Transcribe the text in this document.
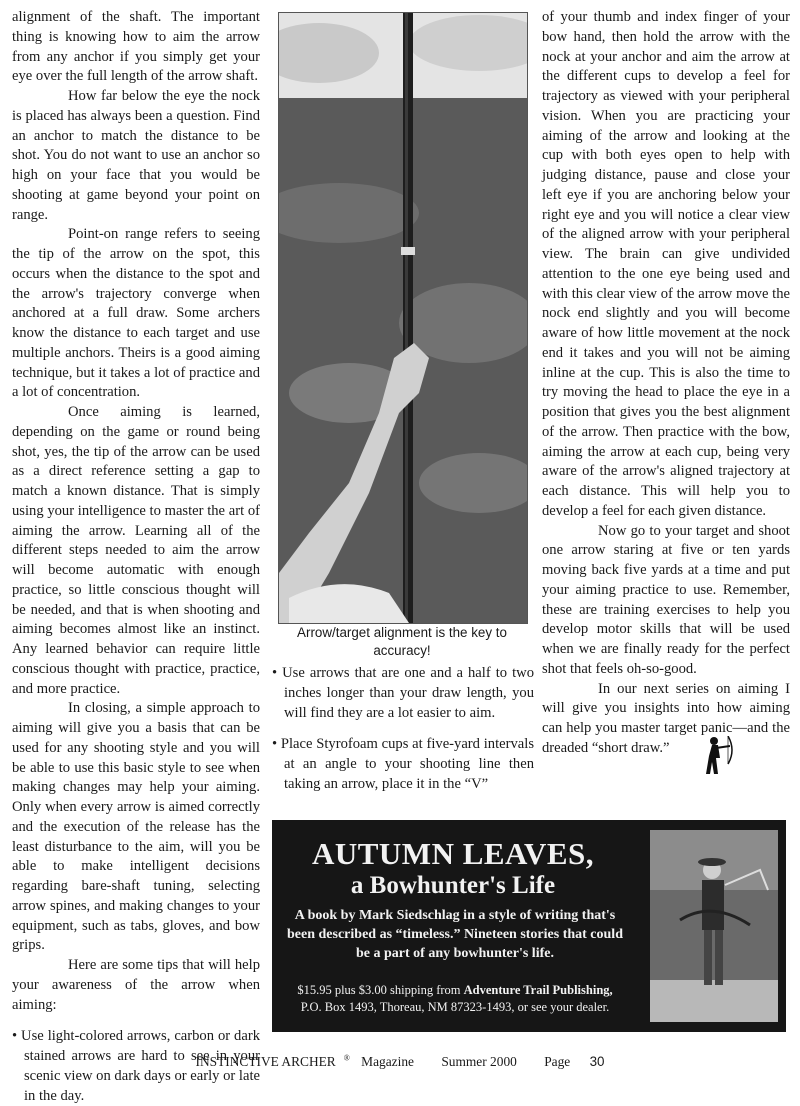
alignment of the shaft. The important thing is knowing how to aim the arrow from any anchor if you simply get your eye over the full length of the arrow shaft.

How far below the eye the nock is placed has always been a question. Find an anchor to match the distance to be shot. You do not want to use an anchor so high on your face that you would be shooting at game beyond your point on range.

Point-on range refers to seeing the tip of the arrow on the spot, this occurs when the distance to the spot and the arrow's trajectory converge when anchored at a full draw. Some archers know the distance to each target and use multiple anchors. Theirs is a good aiming technique, but it takes a lot of practice and a lot of concentration.

Once aiming is learned, depending on the game or round being shot, yes, the tip of the arrow can be used as a direct reference setting a gap to match a known distance. That is simply using your intelligence to master the art of aiming the arrow. Learning all of the different steps needed to aim the arrow will become automatic with enough practice, so little conscious thought will be needed, and that is when shooting and aiming becomes almost like an instinct. Any learned behavior can require little conscious thought with practice, practice, and more practice.

In closing, a simple approach to aiming will give you a basis that can be used for any shooting style and you will be able to use this basic style to see when making changes may help your aiming. Only when every arrow is aimed correctly and the execution of the release has the least disturbance to the aim, will you be able to make intelligent decisions regarding bare-shaft tuning, selecting arrow spines, and making changes to your equipment, such as tabs, gloves, and bow grips.

Here are some tips that will help your awareness of the arrow when aiming:

• Use light-colored arrows, carbon or dark stained arrows are hard to see in your scenic view on dark days or early or late in the day.

Arrow/target alignment is the key to accuracy!

• Use arrows that are one and a half to two inches longer than your draw length, you will find they are a lot easier to aim.

• Place Styrofoam cups at five-yard intervals at an angle to your shooting line then taking an arrow, place it in the “V”

of your thumb and index finger of your bow hand, then hold the arrow with the nock at your anchor and aim the arrow at the different cups to develop a feel for trajectory as viewed with your peripheral vision. When you are practicing your aiming of the arrow and looking at the cup with both eyes open to help with judging distance, pause and close your left eye if you are anchoring below your right eye and you will notice a clear view of the aligned arrow with your peripheral view. The brain can give undivided attention to the one eye being used and with this clear view of the arrow move the nock end slightly and you will become aware of how little movement at the nock end it takes and you will not be aiming inline at the cup. This is also the time to try moving the head to place the eye in a position that gives you the best alignment of the arrow. Then practice with the bow, aiming the arrow at each cup, being very aware of the arrow's aligned trajectory at each distance. This will help you to develop a feel for each given distance.

Now go to your target and shoot one arrow staring at five or ten yards moving back five yards at a time and put your aiming practice to use. Remember, these are training exercises to help you develop motor skills that will be used when we are finally ready for the perfect shot that feels oh-so-good.

In our next series on aiming I will give you insights into how aiming can help you master target panic—and the dreaded “short draw.”

AUTUMN LEAVES,
a Bowhunter's Life
A book by Mark Siedschlag in a style of writing that's been described as “timeless.” Nineteen stories that could be a part of any bowhunter's life.
$15.95 plus $3.00 shipping from Adventure Trail Publishing,
P.O. Box 1493, Thoreau, NM 87323-1493, or see your dealer.
INSTINCTIVE ARCHER ® Magazine Summer 2000 Page 30
